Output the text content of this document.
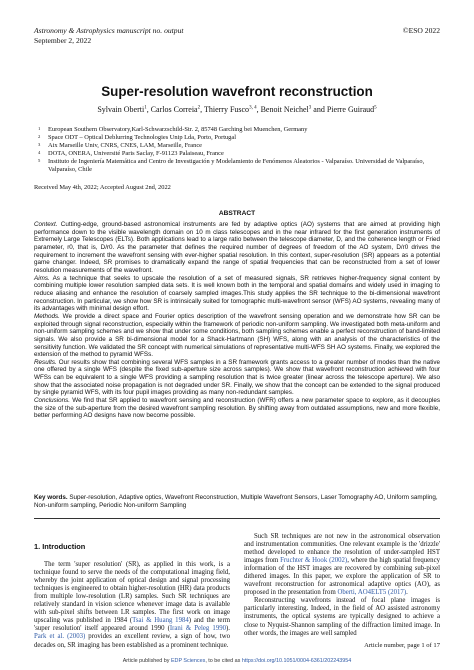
Astronomy & Astrophysics manuscript no. output
September 2, 2022
©ESO 2022
Super-resolution wavefront reconstruction
Sylvain Oberti$^1$, Carlos Correia$^2$, Thierry Fusco$^{3, 4}$, Benoit Neichel$^3$ and Pierre Guiraud$^5$
1 European Southern Observatory,Karl-Schwarzschild-Str. 2, 85748 Garching bei Muenchen, Germany
2 Space ODT – Optical Deblurring Technologies Unip Lda, Porto, Portugal
3 Aix Marseille Univ, CNRS, CNES, LAM, Marseille, France
4 DOTA, ONERA, Université Paris Saclay, F-91123 Palaiseau, France
5 Instituto de Ingeniería Matemática and Centro de Investigación y Modelamiento de Fenómenos Aleatorios - Valparaíso. Universidad de Valparaíso, Valparaíso, Chile
Received May 4th, 2022; Accepted August 2nd, 2022
ABSTRACT

Context. Cutting-edge, ground-based astronomical instruments are fed by adaptive optics (AO) systems that are aimed at providing high performance down to the visible wavelength domain on 10 m class telescopes and in the near infrared for the first generation instruments of Extremely Large Telescopes (ELTs). Both applications lead to a large ratio between the telescope diameter, D, and the coherence length or Fried parameter, r0, that is, D/r0. As the parameter that defines the required number of degrees of freedom of the AO system, D/r0 drives the requirement to increment the wavefront sensing with ever-higher spatial resolution. In this context, super-resolution (SR) appears as a potential game changer. Indeed, SR promises to dramatically expand the range of spatial frequencies that can be reconstructed from a set of lower resolution measurements of the wavefront.

Aims. As a technique that seeks to upscale the resolution of a set of measured signals, SR retrieves higher-frequency signal content by combining multiple lower resolution sampled data sets. It is well known both in the temporal and spatial domains and widely used in imaging to reduce aliasing and enhance the resolution of coarsely sampled images.This study applies the SR technique to the bi-dimensional wavefront reconstruction. In particular, we show how SR is intrinsically suited for tomographic multi-wavefront sensor (WFS) AO systems, revealing many of its advantages with minimal design effort.

Methods. We provide a direct space and Fourier optics description of the wavefront sensing operation and we demonstrate how SR can be exploited through signal reconstruction, especially within the framework of periodic non-uniform sampling. We investigated both meta-uniform and non-uniform sampling schemes and we show that under some conditions, both sampling schemes enable a perfect reconstruction of band-limited signals. We also provide a SR bi-dimensional model for a Shack-Hartmann (SH) WFS, along with an analysis of the characteristics of the sensitivity function. We validated the SR concept with numerical simulations of representative multi-WFS SH AO systems. Finally, we explored the extension of the method to pyramid WFSs.

Results. Our results show that combining several WFS samples in a SR framework grants access to a greater number of modes than the native one offered by a single WFS (despite the fixed sub-aperture size across samples). We show that wavefront reconstruction achieved with four WFSs can be equivalent to a single WFS providing a sampling resolution that is twice greater (linear across the telescope aperture). We also show that the associated noise propagation is not degraded under SR. Finally, we show that the concept can be extended to the signal produced by single pyramid WFS, with its four pupil images providing as many non-redundant samples.

Conclusions. We find that SR applied to wavefront sensing and reconstruction (WFR) offers a new parameter space to explore, as it decouples the size of the sub-aperture from the desired wavefront sampling resolution. By shifting away from outdated assumptions, new and more flexible, better performing AO designs have now become possible.

Key words. Super-resolution, Adaptive optics, Wavefront Reconstruction, Multiple Wavefront Sensors, Laser Tomography AO, Uniform sampling, Non-uniform sampling, Periodic Non-uniform Sampling

1. Introduction

The term 'super resolution' (SR), as applied in this work, is a technique found to serve the needs of the computational imaging field, whereby the joint application of optical design and signal processing techniques is engineered to obtain higher-resolution (HR) data products from multiple low-resolution (LR) samples. Such SR techniques are relatively standard in vision science whenever image data is available with sub-pixel shifts between LR samples. The first work on image upscaling was published in 1984 (Tsai & Huang 1984) and the term 'super resolution' itself appeared around 1990 (Irani & Peleg 1990). Park et al. (2003) provides an excellent review, a sign of how, two decades on, SR imaging has been established as a prominent technique.

Such SR techniques are not new in the astronomical observation and instrumentation communities. One relevant example is the 'drizzle' method developed to enhance the resolution of under-sampled HST images from Fruchter & Hook (2002), where the high spatial frequency information of the HST images are recovered by combining sub-pixel dithered images. In this paper, we explore the application of SR to wavefront reconstruction for astronomical adaptive optics (AO), as proposed in the presentation from Oberti, AO4ELT5 (2017).

Reconstructing wavefronts instead of focal plane images is particularly interesting. Indeed, in the field of AO assisted astronomy instruments, the optical systems are typically designed to achieve a close to Nyquist-Shannon sampling of the diffraction limited image. In other words, the images are well sampled

Article number, page 1 of 17
Article published by EDP Sciences, to be cited as https://doi.org/10.1051/0004-6361/202243954
